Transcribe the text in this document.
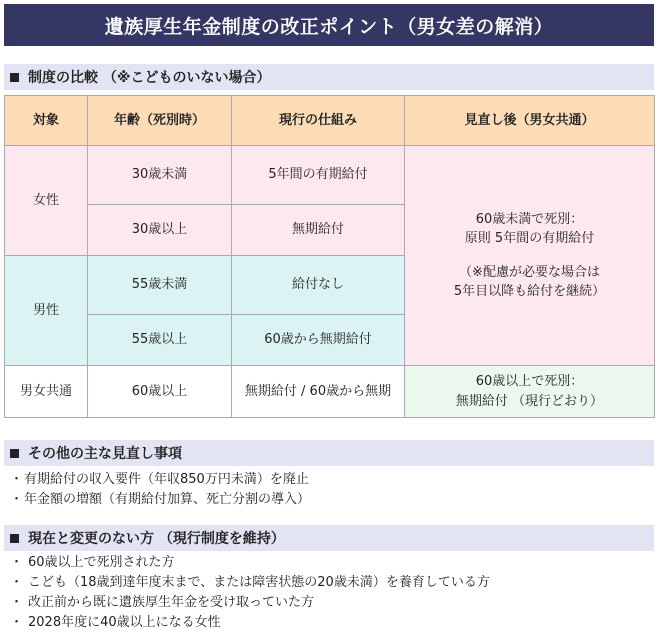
遺族厚生年金制度の改正ポイント（男女差の解消）
制度の比較 （※こどものいない場合）
対象	年齢（死別時）	現行の仕組み	見直し後（男女共通）
女性	30歳未満	5年間の有期給付	60歳未満で死別：
原則 5年間の有期給付
（※配慮が必要な場合は
5年目以降も給付を継続）

	30歳以上	無期給付	
男性	55歳未満	給付なし	
	55歳以上	60歳から無期給付	
男女共通	60歳以上	無期給付 / 60歳から無期	60歳以上で死別：
無期給付 （現行どおり）
その他の主な見直し事項
・有期給付の収入要件（年収850万円未満）を廃止
・年金額の増額（有期給付加算、死亡分割の導入）
現在と変更のない方 （現行制度を維持）
・ 60歳以上で死別された方
・ こども（18歳到達年度末まで、または障害状態の20歳未満）を養育している方
・ 改正前から既に遺族厚生年金を受け取っていた方
・ 2028年度に40歳以上になる女性
